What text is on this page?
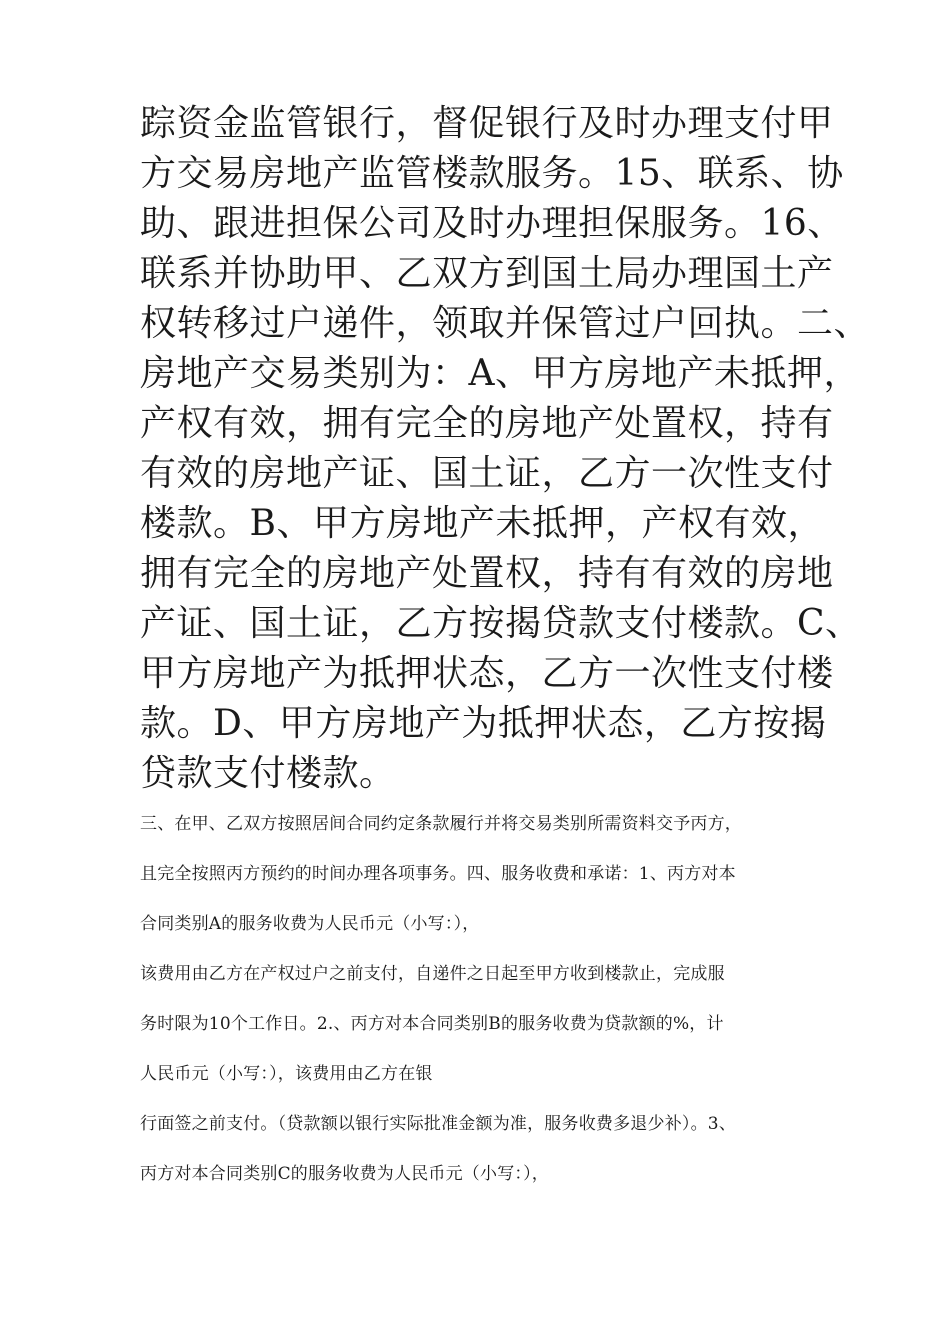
踪资金监管银行，督促银行及时办理支付甲
方交易房地产监管楼款服务。15、联系、协
助、跟进担保公司及时办理担保服务。16、
联系并协助甲、乙双方到国土局办理国土产
权转移过户递件，领取并保管过户回执。二、
房地产交易类别为：A、甲方房地产未抵押，
产权有效，拥有完全的房地产处置权，持有
有效的房地产证、国土证，乙方一次性支付
楼款。B、甲方房地产未抵押，产权有效，
拥有完全的房地产处置权，持有有效的房地
产证、国土证，乙方按揭贷款支付楼款。C、
甲方房地产为抵押状态，乙方一次性支付楼
款。D、甲方房地产为抵押状态，乙方按揭
贷款支付楼款。
三、在甲、乙双方按照居间合同约定条款履行并将交易类别所需资料交予丙方，
且完全按照丙方预约的时间办理各项事务。四、服务收费和承诺：1、丙方对本
合同类别A的服务收费为人民币元（小写：），
该费用由乙方在产权过户之前支付，自递件之日起至甲方收到楼款止，完成服
务时限为10个工作日。2.、丙方对本合同类别B的服务收费为贷款额的%，计
人民币元（小写：），该费用由乙方在银
行面签之前支付。（贷款额以银行实际批准金额为准，服务收费多退少补）。3、
丙方对本合同类别C的服务收费为人民币元（小写：），
